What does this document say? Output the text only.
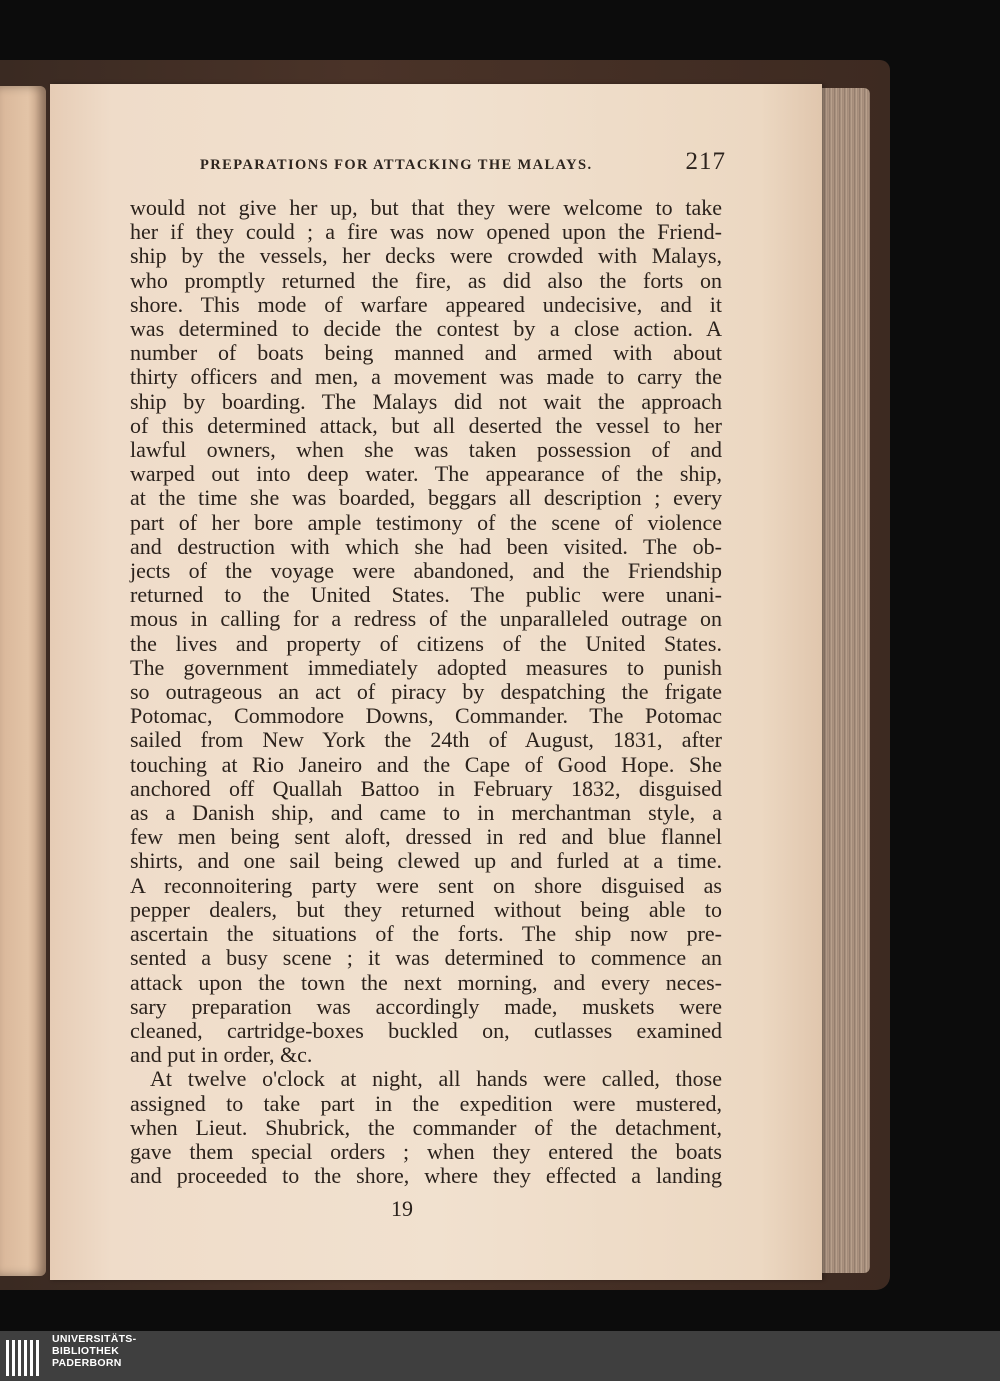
PREPARATIONS FOR ATTACKING THE MALAYS.	217
would not give her up, but that they were welcome to take
her if they could ; a fire was now opened upon the Friend-
ship by the vessels, her decks were crowded with Malays,
who promptly returned the fire, as did also the forts on
shore. This mode of warfare appeared undecisive, and it
was determined to decide the contest by a close action. A
number of boats being manned and armed with about
thirty officers and men, a movement was made to carry the
ship by boarding. The Malays did not wait the approach
of this determined attack, but all deserted the vessel to her
lawful owners, when she was taken possession of and
warped out into deep water. The appearance of the ship,
at the time she was boarded, beggars all description ; every
part of her bore ample testimony of the scene of violence
and destruction with which she had been visited. The ob-
jects of the voyage were abandoned, and the Friendship
returned to the United States. The public were unani-
mous in calling for a redress of the unparalleled outrage on
the lives and property of citizens of the United States.
The government immediately adopted measures to punish
so outrageous an act of piracy by despatching the frigate
Potomac, Commodore Downs, Commander. The Potomac
sailed from New York the 24th of August, 1831, after
touching at Rio Janeiro and the Cape of Good Hope. She
anchored off Quallah Battoo in February 1832, disguised
as a Danish ship, and came to in merchantman style, a
few men being sent aloft, dressed in red and blue flannel
shirts, and one sail being clewed up and furled at a time.
A reconnoitering party were sent on shore disguised as
pepper dealers, but they returned without being able to
ascertain the situations of the forts. The ship now pre-
sented a busy scene ; it was determined to commence an
attack upon the town the next morning, and every neces-
sary preparation was accordingly made, muskets were
cleaned, cartridge-boxes buckled on, cutlasses examined
and put in order, &c.
At twelve o'clock at night, all hands were called, those
assigned to take part in the expedition were mustered,
when Lieut. Shubrick, the commander of the detachment,
gave them special orders ; when they entered the boats
and proceeded to the shore, where they effected a landing
19
UNIVERSITÄTS-
BIBLIOTHEK
PADERBORN
